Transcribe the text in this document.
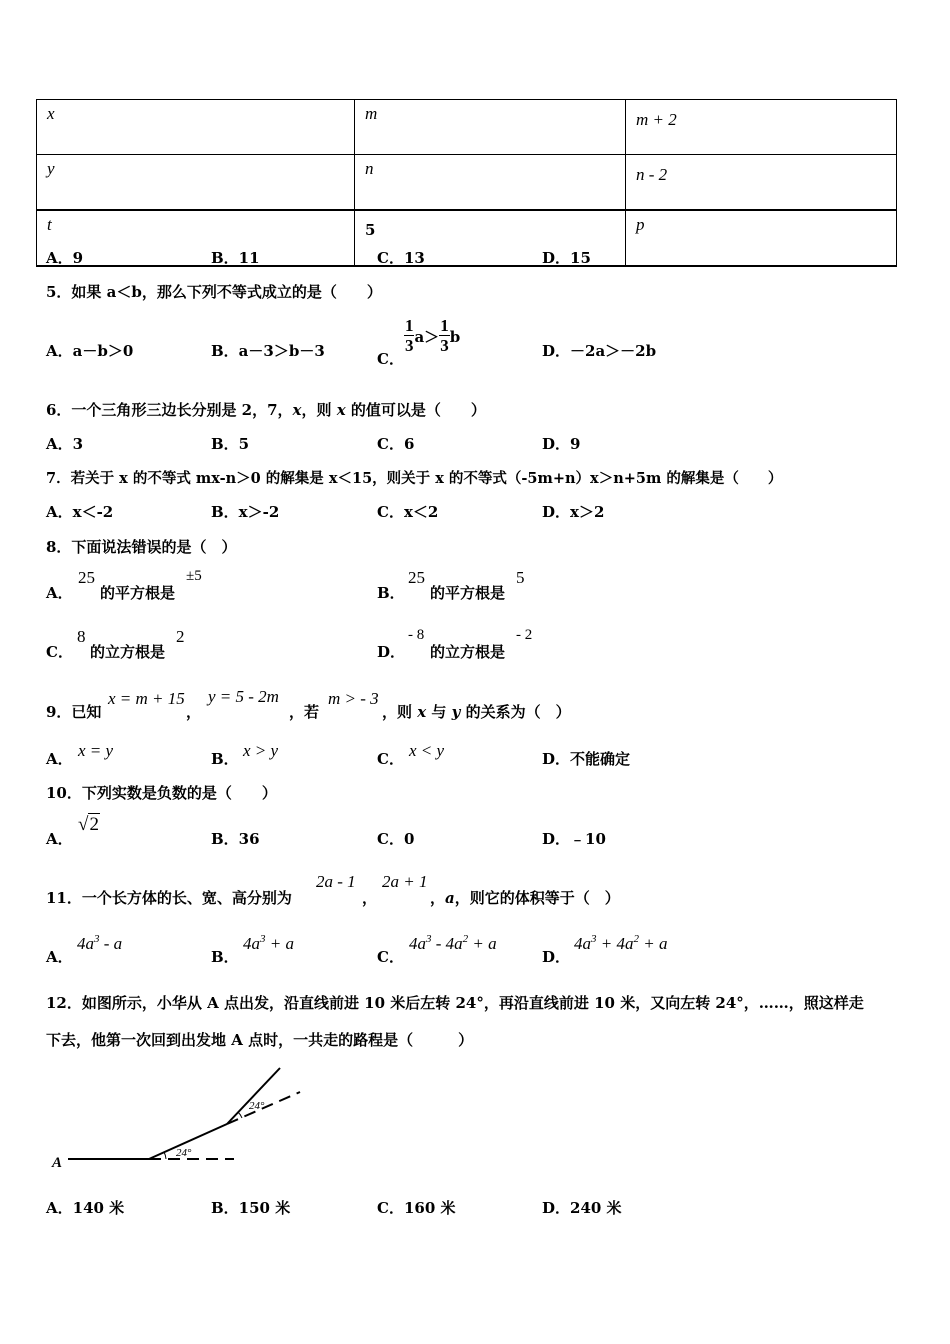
x	m	m + 2
y	n	n - 2
t	5	p
A．9	B．11	C．13	D．15
5．如果 a＜b，那么下列不等式成立的是（　　）
A．a－b＞0	B．a－3＞b－3	C．
$\frac{1}{3} a> \frac{1}{3}$ b
D．－2a＞－2b
6．一个三角形三边长分别是 2，7，x，则 x 的值可以是（　　）
A．3	B．5	C．6	D．9
7．若关于 x 的不等式 mx-n＞0 的解集是 x＜15，则关于 x 的不等式（-5m+n）x＞n+5m 的解集是（　　）
A．x＜-2	B．x＞-2	C．x＜2	D．x＞2
8．下面说法错误的是（　）
A．
25
的平方根是
±5
B．
25
的平方根是
5
C．
8
的立方根是
2
D．
- 8
的立方根是
- 2
9．已知
x = m + 15
，
y = 5 - 2m
，若
m > - 3
，则 x 与 y 的关系为（　）
A． x = y	B． x > y	C． x < y	D．不能确定
10．下列实数是负数的是（　　）
A．
√2
B．36	C．0	D．﹣10
11．一个长方体的长、宽、高分别为
2a - 1
，
2a + 1
，a，则它的体积等于（　）
A．
$4a^3$ - a
B．
$4a^3 + a$
C．
$4a^3 - 4a^2 + a$
D．
$4a^3 + 4a^2 + a$
12．如图所示，小华从 A 点出发，沿直线前进 10 米后左转 24°，再沿直线前进 10 米，又向左转 24°，……，照这样走
下去，他第一次回到出发地 A 点时，一共走的路程是（　　　）
A
24°
24°
A．140 米	B．150 米	C．160 米	D．240 米
